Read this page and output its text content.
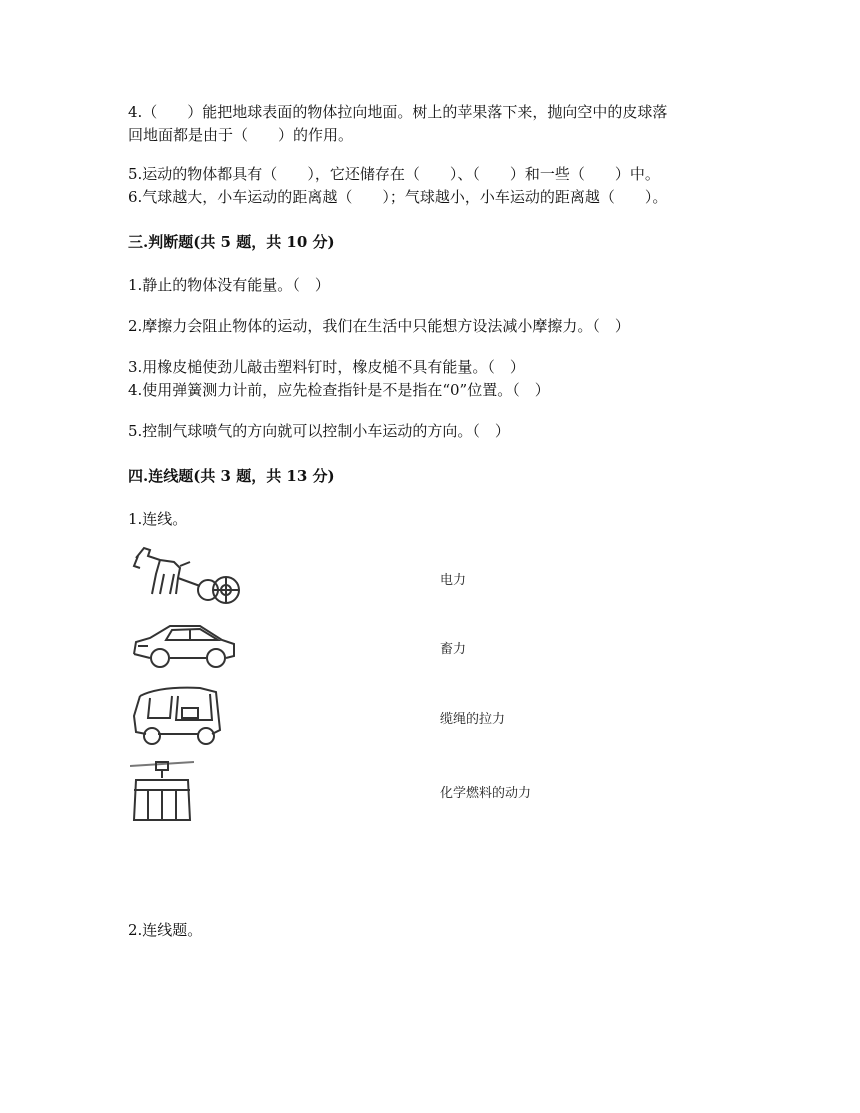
4.（　　）能把地球表面的物体拉向地面。树上的苹果落下来，抛向空中的皮球落
回地面都是由于（　　）的作用。
5.运动的物体都具有（　　），它还储存在（　　）、（　　）和一些（　　）中。
6.气球越大，小车运动的距离越（　　）；气球越小，小车运动的距离越（　　）。
三.判断题(共 5 题，共 10 分)
1.静止的物体没有能量。（　）
2.摩擦力会阻止物体的运动，我们在生活中只能想方设法减小摩擦力。（　）
3.用橡皮槌使劲儿敲击塑料钉时，橡皮槌不具有能量。（　）
4.使用弹簧测力计前，应先检查指针是不是指在“0”位置。（　）
5.控制气球喷气的方向就可以控制小车运动的方向。（　）
四.连线题(共 3 题，共 13 分)
1.连线。
电力
畜力
缆绳的拉力
化学燃料的动力
2.连线题。
